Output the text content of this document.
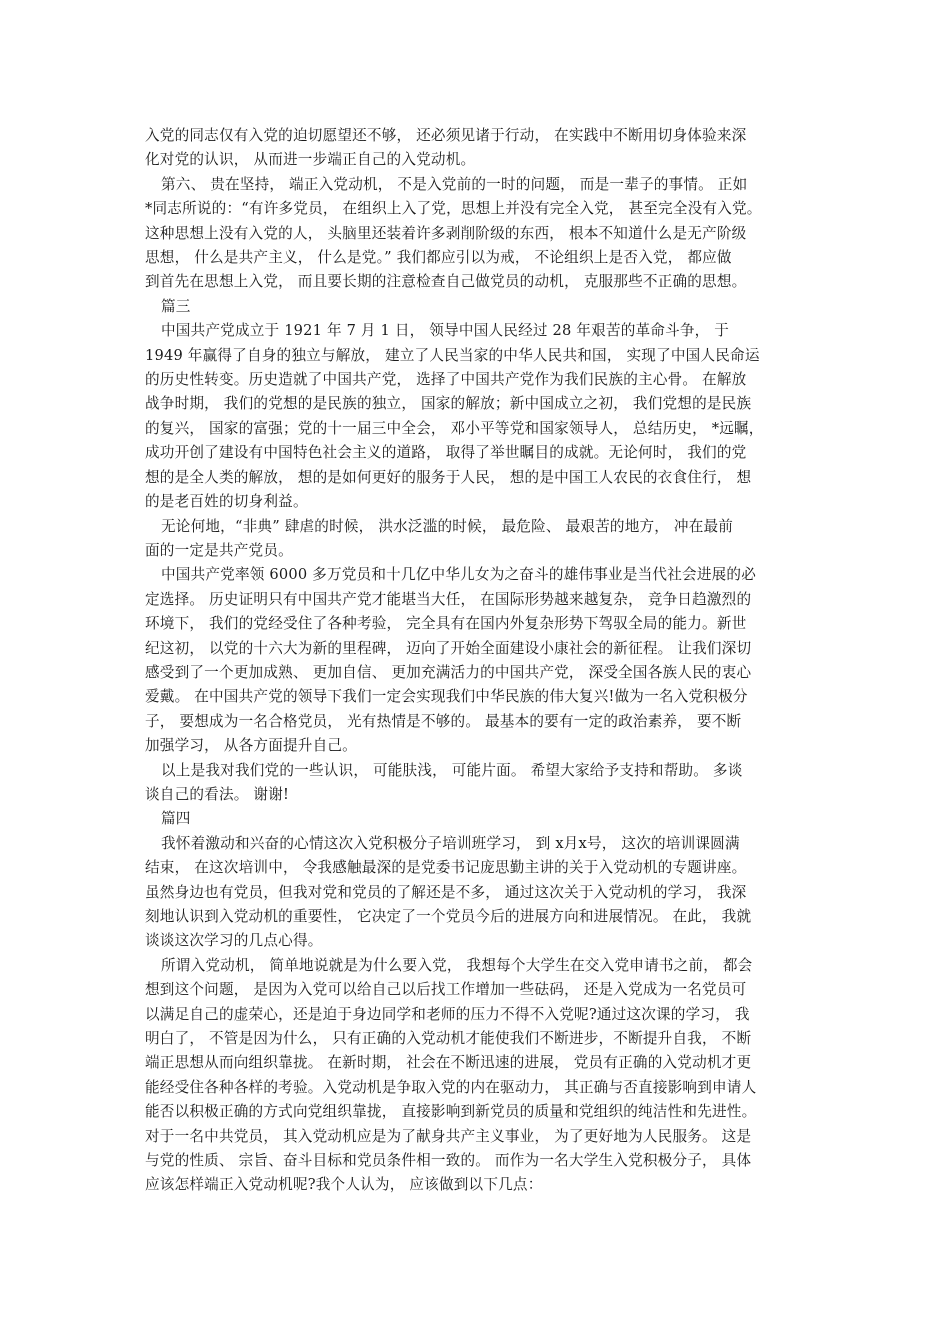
入党的同志仅有入党的迫切愿望还不够， 还必须见诸于行动， 在实践中不断用切身体验来深
化对党的认识， 从而进一步端正自己的入党动机。

第六、 贵在坚持， 端正入党动机， 不是入党前的一时的问题， 而是一辈子的事情。 正如
*同志所说的：“有许多党员， 在组织上入了党，思想上并没有完全入党， 甚至完全没有入党。
这种思想上没有入党的人， 头脑里还装着许多剥削阶级的东西， 根本不知道什么是无产阶级
思想， 什么是共产主义， 什么是党。” 我们都应引以为戒， 不论组织上是否入党， 都应做
到首先在思想上入党， 而且要长期的注意检查自己做党员的动机， 克服那些不正确的思想。

篇三

中国共产党成立于 1921 年 7 月 1 日， 领导中国人民经过 28 年艰苦的革命斗争， 于
1949 年赢得了自身的独立与解放， 建立了人民当家的中华人民共和国， 实现了中国人民命运
的历史性转变。历史造就了中国共产党， 选择了中国共产党作为我们民族的主心骨。 在解放
战争时期， 我们的党想的是民族的独立， 国家的解放；新中国成立之初， 我们党想的是民族
的复兴， 国家的富强；党的十一届三中全会， 邓小平等党和国家领导人， 总结历史， *远瞩，
成功开创了建设有中国特色社会主义的道路， 取得了举世瞩目的成就。无论何时， 我们的党
想的是全人类的解放， 想的是如何更好的服务于人民， 想的是中国工人农民的衣食住行， 想
的是老百姓的切身利益。

无论何地，“非典” 肆虐的时候， 洪水泛滥的时候， 最危险、 最艰苦的地方， 冲在最前
面的一定是共产党员。

中国共产党率领 6000 多万党员和十几亿中华儿女为之奋斗的雄伟事业是当代社会进展的必
定选择。 历史证明只有中国共产党才能堪当大任， 在国际形势越来越复杂， 竞争日趋激烈的
环境下， 我们的党经受住了各种考验， 完全具有在国内外复杂形势下驾驭全局的能力。新世
纪这初， 以党的十六大为新的里程碑， 迈向了开始全面建设小康社会的新征程。 让我们深切
感受到了一个更加成熟、 更加自信、 更加充满活力的中国共产党， 深受全国各族人民的衷心
爱戴。 在中国共产党的领导下我们一定会实现我们中华民族的伟大复兴!做为一名入党积极分
子， 要想成为一名合格党员， 光有热情是不够的。 最基本的要有一定的政治素养， 要不断
加强学习， 从各方面提升自己。

以上是我对我们党的一些认识， 可能肤浅， 可能片面。 希望大家给予支持和帮助。 多谈
谈自己的看法。 谢谢!

篇四

我怀着激动和兴奋的心情这次入党积极分子培训班学习， 到 x月x号， 这次的培训课圆满
结束， 在这次培训中， 令我感触最深的是党委书记庞思勤主讲的关于入党动机的专题讲座。
虽然身边也有党员，但我对党和党员的了解还是不多， 通过这次关于入党动机的学习， 我深
刻地认识到入党动机的重要性， 它决定了一个党员今后的进展方向和进展情况。 在此， 我就
谈谈这次学习的几点心得。

所谓入党动机， 简单地说就是为什么要入党， 我想每个大学生在交入党申请书之前， 都会
想到这个问题， 是因为入党可以给自己以后找工作增加一些砝码， 还是入党成为一名党员可
以满足自己的虚荣心，还是迫于身边同学和老师的压力不得不入党呢?通过这次课的学习， 我
明白了， 不管是因为什么， 只有正确的入党动机才能使我们不断进步，不断提升自我， 不断
端正思想从而向组织靠拢。 在新时期， 社会在不断迅速的进展， 党员有正确的入党动机才更
能经受住各种各样的考验。入党动机是争取入党的内在驱动力， 其正确与否直接影响到申请人
能否以积极正确的方式向党组织靠拢， 直接影响到新党员的质量和党组织的纯洁性和先进性。
对于一名中共党员， 其入党动机应是为了献身共产主义事业， 为了更好地为人民服务。 这是
与党的性质、 宗旨、奋斗目标和党员条件相一致的。 而作为一名大学生入党积极分子， 具体
应该怎样端正入党动机呢?我个人认为， 应该做到以下几点：
